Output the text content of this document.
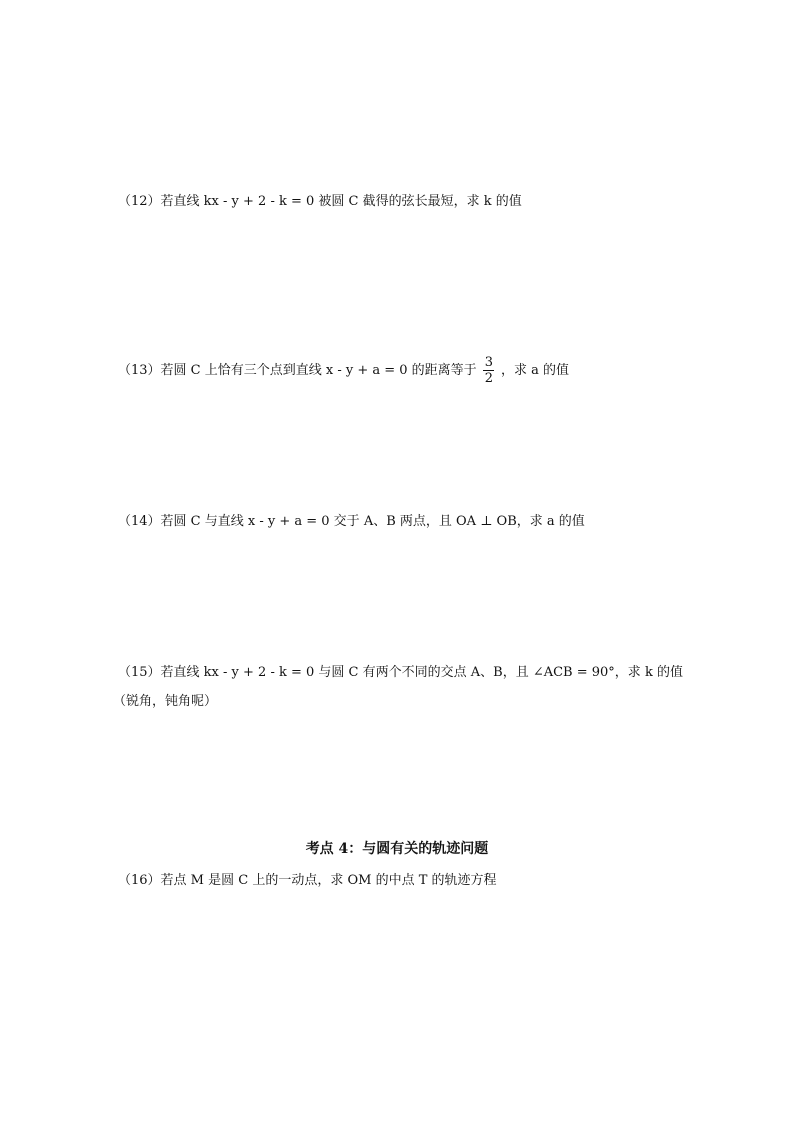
（12）若直线 kx - y + 2 - k = 0 被圆 C 截得的弦长最短，求 k 的值
（13）若圆 C 上恰有三个点到直线 x - y + a = 0 的距离等于 $\frac{3}{2}$ ，求 a 的值
（14）若圆 C 与直线 x - y + a = 0 交于 A、B 两点，且 OA ⊥ OB，求 a 的值
（15）若直线 kx - y + 2 - k = 0 与圆 C 有两个不同的交点 A、B，且 ∠ACB = 90°，求 k 的值
（锐角，钝角呢）
考点 4：与圆有关的轨迹问题
（16）若点 M 是圆 C 上的一动点，求 OM 的中点 T 的轨迹方程
